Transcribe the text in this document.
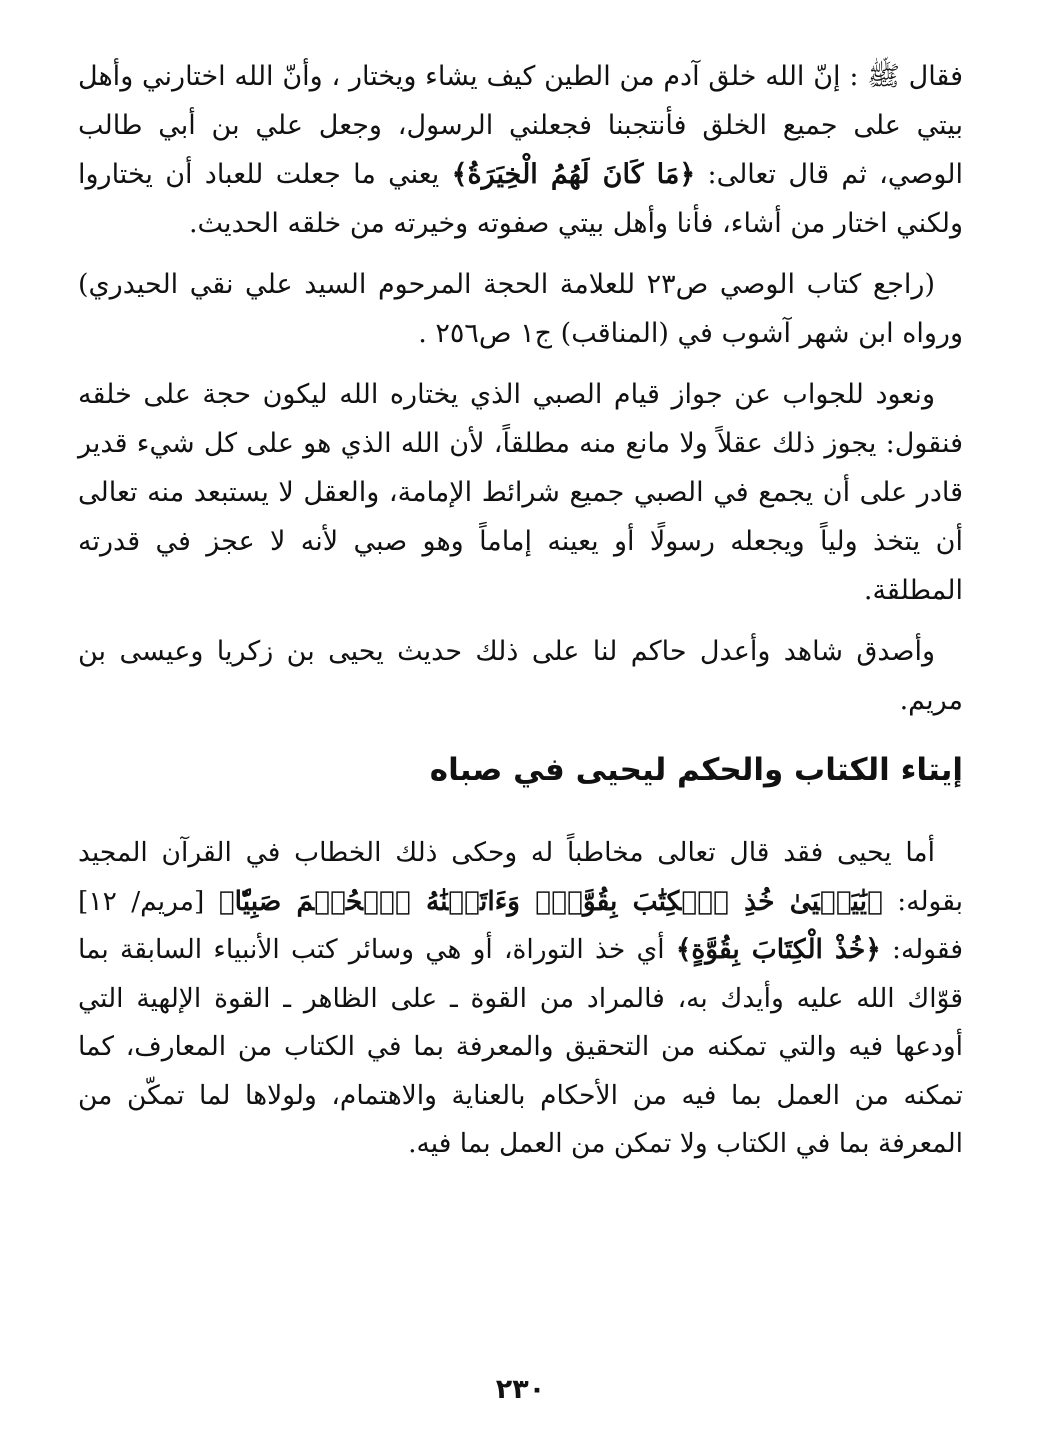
فقال ﷺ : إنّ الله خلق آدم من الطين كيف يشاء ويختار ، وأنّ الله اختارني وأهل بيتي على جميع الخلق فأنتجبنا فجعلني الرسول، وجعل علي بن أبي طالب الوصي، ثم قال تعالى: ﴿مَا كَانَ لَهُمُ الْخِيَرَةُ﴾ يعني ما جعلت للعباد أن يختاروا ولكني اختار من أشاء، فأنا وأهل بيتي صفوته وخيرته من خلقه الحديث.

(راجع كتاب الوصي ص٢٣ للعلامة الحجة المرحوم السيد علي نقي الحيدري) ورواه ابن شهر آشوب في (المناقب) ج١ ص٢٥٦ .

ونعود للجواب عن جواز قيام الصبي الذي يختاره الله ليكون حجة على خلقه فنقول: يجوز ذلك عقلاً ولا مانع منه مطلقاً، لأن الله الذي هو على كل شيء قدير قادر على أن يجمع في الصبي جميع شرائط الإمامة، والعقل لا يستبعد منه تعالى أن يتخذ ولياً ويجعله رسولًا أو يعينه إماماً وهو صبي لأنه لا عجز في قدرته المطلقة.

وأصدق شاهد وأعدل حاكم لنا على ذلك حديث يحيى بن زكريا وعيسى بن مريم.

إيتاء الكتاب والحكم ليحيى في صباه

أما يحيى فقد قال تعالى مخاطباً له وحكى ذلك الخطاب في القرآن المجيد بقوله: ﴿يَٰيَحۡيَىٰ خُذِ ٱلۡكِتَٰبَ بِقُوَّةٖۖ وَءَاتَيۡنَٰهُ ٱلۡحُكۡمَ صَبِيّٗا﴾ [مريم/ ١٢] فقوله: ﴿خُذْ الْكِتَابَ بِقُوَّةٍ﴾ أي خذ التوراة، أو هي وسائر كتب الأنبياء السابقة بما قوّاك الله عليه وأيدك به، فالمراد من القوة ـ على الظاهر ـ القوة الإلهية التي أودعها فيه والتي تمكنه من التحقيق والمعرفة بما في الكتاب من المعارف، كما تمكنه من العمل بما فيه من الأحكام بالعناية والاهتمام، ولولاها لما تمكّن من المعرفة بما في الكتاب ولا تمكن من العمل بما فيه.

٢٣٠
